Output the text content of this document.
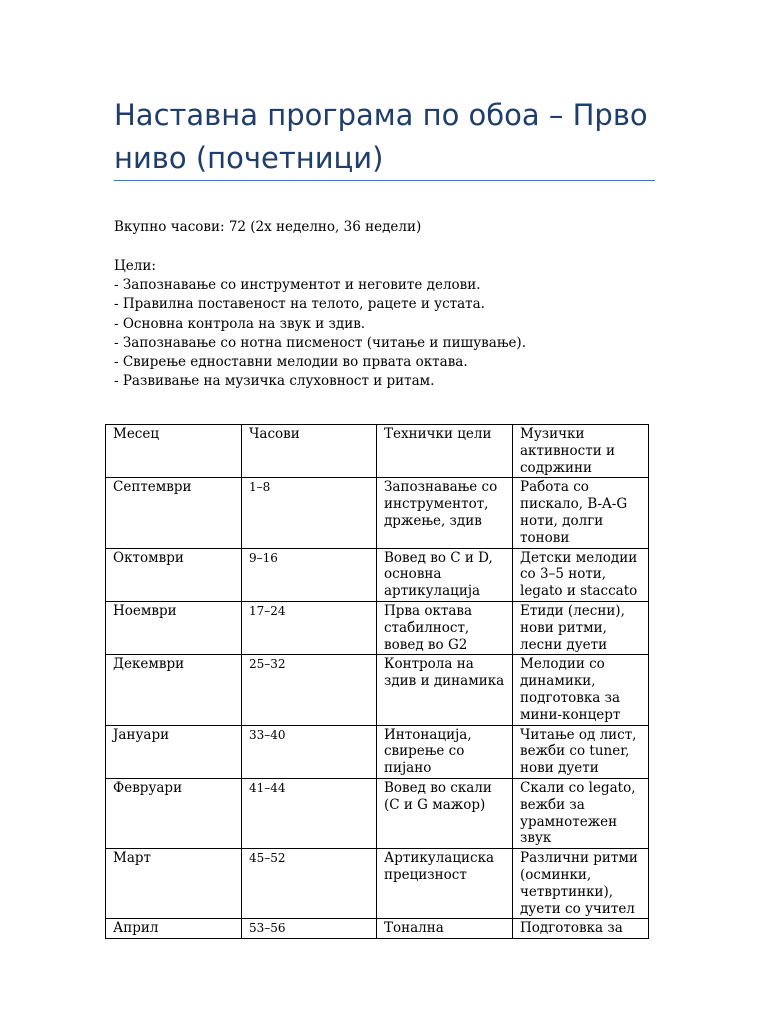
Наставна програма по обоа – Прво ниво (почетници)
Вкупно часови: 72 (2x неделно, 36 недели)
Цели:
- Запознавање со инструментот и неговите делови.
- Правилна поставеност на телото, рацете и устата.
- Основна контрола на звук и здив.
- Запознавање со нотна писменост (читање и пишување).
- Свирење едноставни мелодии во првата октава.
- Развивање на музичка слуховност и ритам.
Месец	Часови	Технички цели	Музички активности и содржини
Септември	1–8	Запознавање со инструментот, држење, здив	Работа со пискало, B-A-G ноти, долги тонови
Октомври	9–16	Вовед во C и D, основна артикулација	Детски мелодии со 3–5 ноти, legato и staccato
Ноември	17–24	Прва октава стабилност, вовед во G2	Етиди (лесни), нови ритми, лесни дуети
Декември	25–32	Контрола на здив и динамика	Мелодии со динамики, подготовка за мини-концерт
Јануари	33–40	Интонација, свирење со пијано	Читање од лист, вежби со tuner, нови дуети
Февруари	41–44	Вовед во скали (C и G мажор)	Скали со legato, вежби за урамнотежен звук
Март	45–52	Артикулациска прецизност	Различни ритми (осминки, четвртинки), дуети со учител
Април	53–56	Тонална	Подготовка за
